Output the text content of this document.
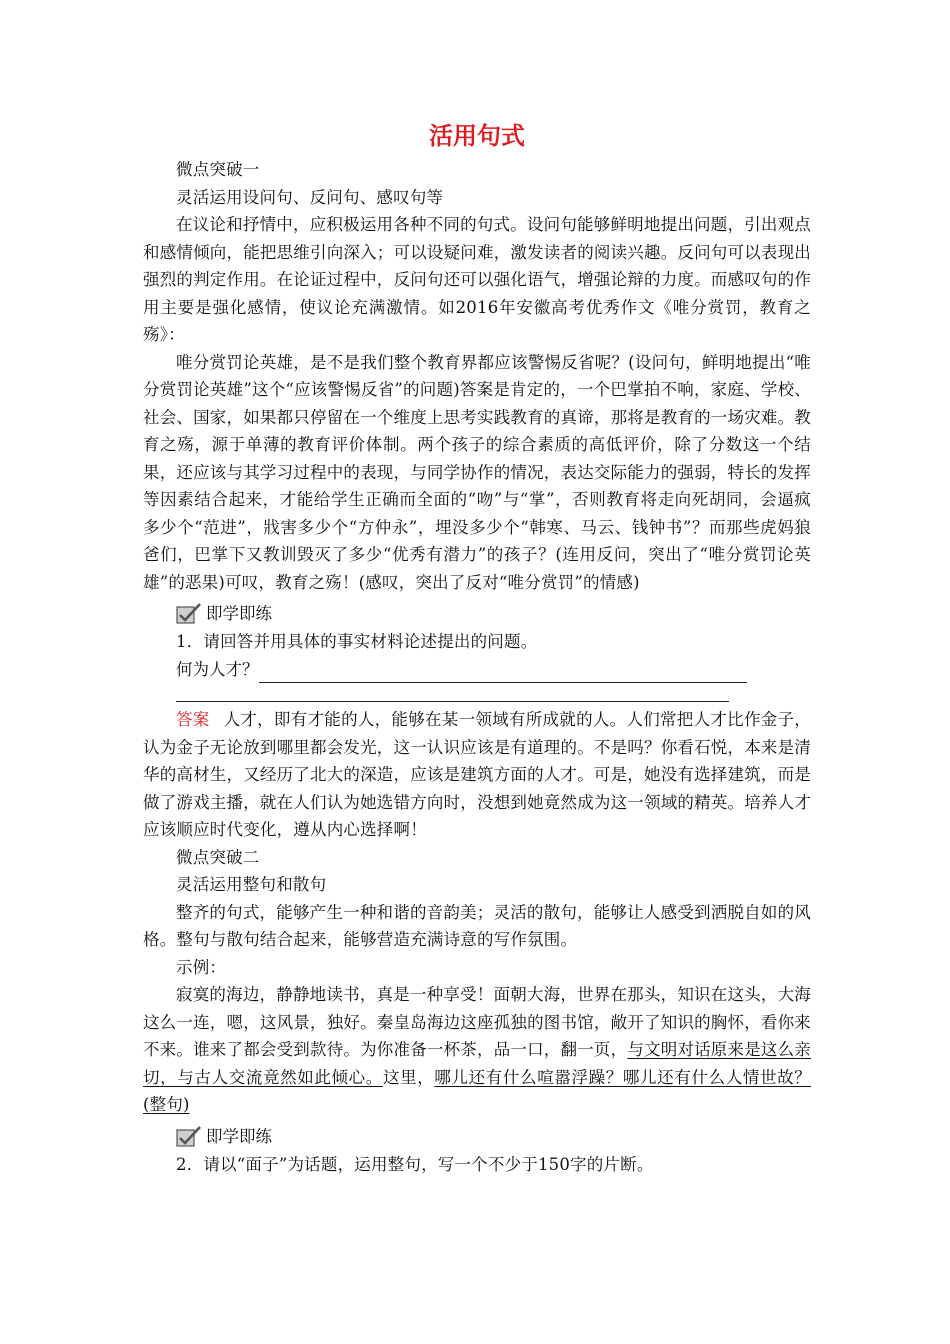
活用句式

微点突破一

灵活运用设问句、反问句、感叹句等

在议论和抒情中，应积极运用各种不同的句式。设问句能够鲜明地提出问题，引出观点和感情倾向，能把思维引向深入；可以设疑问难，激发读者的阅读兴趣。反问句可以表现出强烈的判定作用。在论证过程中，反问句还可以强化语气，增强论辩的力度。而感叹句的作用主要是强化感情，使议论充满激情。如2016年安徽高考优秀作文《唯分赏罚，教育之殇》：

唯分赏罚论英雄，是不是我们整个教育界都应该警惕反省呢？(设问句，鲜明地提出“唯分赏罚论英雄”这个“应该警惕反省”的问题)答案是肯定的，一个巴掌拍不响，家庭、学校、社会、国家，如果都只停留在一个维度上思考实践教育的真谛，那将是教育的一场灾难。教育之殇，源于单薄的教育评价体制。两个孩子的综合素质的高低评价，除了分数这一个结果，还应该与其学习过程中的表现，与同学协作的情况，表达交际能力的强弱，特长的发挥等因素结合起来，才能给学生正确而全面的“吻”与“掌”，否则教育将走向死胡同，会逼疯多少个“范进”，戕害多少个“方仲永”，埋没多少个“韩寒、马云、钱钟书”？而那些虎妈狼爸们，巴掌下又教训毁灭了多少“优秀有潜力”的孩子？(连用反问，突出了“唯分赏罚论英雄”的恶果)可叹，教育之殇！(感叹，突出了反对“唯分赏罚”的情感)

即学即练

1．请回答并用具体的事实材料论述提出的问题。

何为人才？

答案 人才，即有才能的人，能够在某一领域有所成就的人。人们常把人才比作金子，认为金子无论放到哪里都会发光，这一认识应该是有道理的。不是吗？你看石悦，本来是清华的高材生，又经历了北大的深造，应该是建筑方面的人才。可是，她没有选择建筑，而是做了游戏主播，就在人们认为她选错方向时，没想到她竟然成为这一领域的精英。培养人才应该顺应时代变化，遵从内心选择啊！

微点突破二

灵活运用整句和散句

整齐的句式，能够产生一种和谐的音韵美；灵活的散句，能够让人感受到洒脱自如的风格。整句与散句结合起来，能够营造充满诗意的写作氛围。

示例：

寂寞的海边，静静地读书，真是一种享受！面朝大海，世界在那头，知识在这头，大海这么一连，嗯，这风景，独好。秦皇岛海边这座孤独的图书馆，敞开了知识的胸怀，看你来不来。谁来了都会受到款待。为你准备一杯茶，品一口，翻一页，与文明对话原来是这么亲切，与古人交流竟然如此倾心。这里，哪儿还有什么喧嚣浮躁？哪儿还有什么人情世故？(整句)

即学即练

2．请以“面子”为话题，运用整句，写一个不少于150字的片断。
